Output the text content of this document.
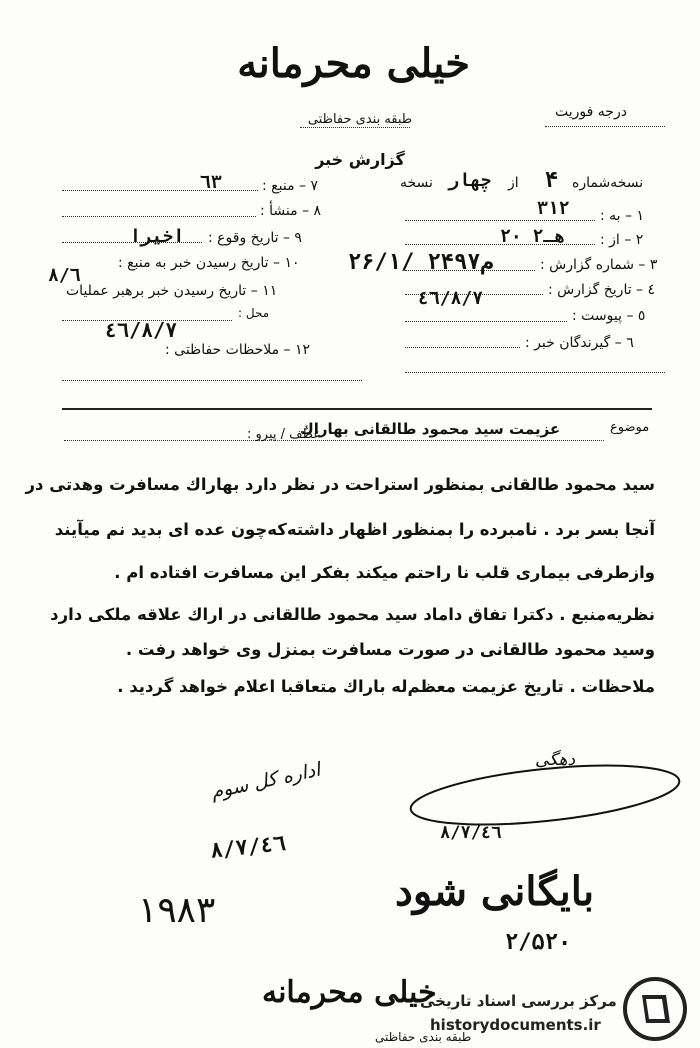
خیلی محرمانه
طبقه بندی حفاظتی	درجه فوریت
گزارش خبر
نسخه‌شماره
۴
از
چهار
نسخه
۱ – به :
۳۱۲
۲ – از :
۲۰ هـ۲
۳ – شماره گزارش :
۲۶/۱/ ۲۴۹۷م
٤ – تاریخ گزارش :
٤٦/۸/۷
٥ – پیوست :
٦ – گیرندگان خبر :
۷ – منبع :
٦۳
۸ – منشأ :
۹ – تاریخ وقوع :
اخیرا
۱۰ – تاریخ رسیدن خبر به منبع :
۸/٦
۱۱ – تاریخ رسیدن خبر برهبر عملیات
محل :
٤٦/۸/۷
۱۲ – ملاحظات حفاظتی :
موضوع
عزیمت سید محمود طالقانی بهاراك
عطف / پیرو :
سید محمود طالقانی بمنظور استراحت در نظر دارد بهاراك مسافرت وهدتی در
آنجا بسر برد . نامبرده را بمنظور اظهار داشته‌که‌چون عده ای بدید نم میآیند
وازطرفی بیماری قلب نا راحتم میکند بفکر این مسافرت افتاده ام .
نظریه‌منبع . دکترا تفاق داماد سید محمود طالقانی در اراك علاقه ملکی دارد
وسید محمود طالقانی در صورت مسافرت بمنزل وی خواهد رفت .
ملاحظات . تاریخ عزیمت معظم‌له باراك متعاقبا اعلام خواهد گردید .
اداره کل سوم
٤٦/۸/۷
دهگی
٤٦/۸/۷
بایگانی شود
۲/۵۲۰
۱۹۸۳
خیلی محرمانه
طبقه بندی حفاظتی
مرکز بررسی اسناد تاریخی
historydocuments.ir
